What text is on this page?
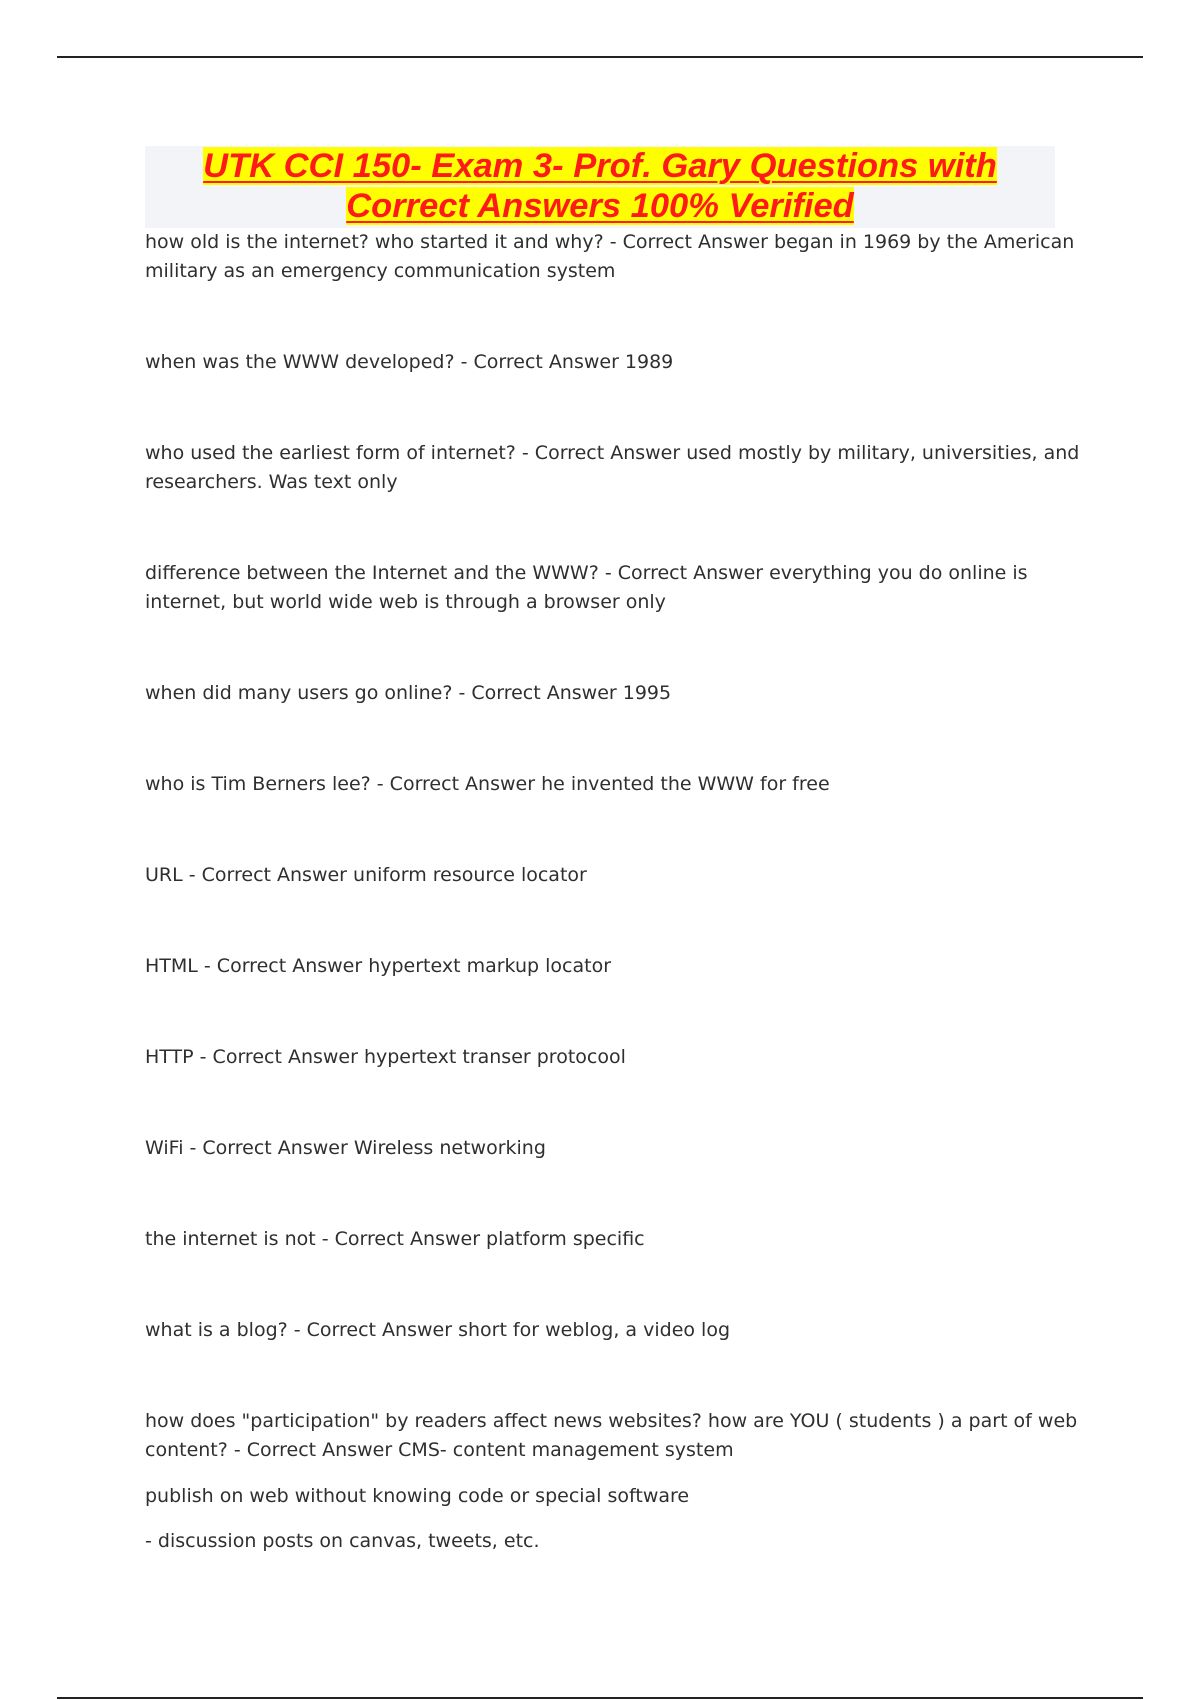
UTK CCI 150- Exam 3- Prof. Gary Questions with
Correct Answers 100% Verified
how old is the internet? who started it and why? - Correct Answer began in 1969 by the American
military as an emergency communication system
when was the WWW developed? - Correct Answer 1989
who used the earliest form of internet? - Correct Answer used mostly by military, universities, and
researchers. Was text only
difference between the Internet and the WWW? - Correct Answer everything you do online is
internet, but world wide web is through a browser only
when did many users go online? - Correct Answer 1995
who is Tim Berners lee? - Correct Answer he invented the WWW for free
URL - Correct Answer uniform resource locator
HTML - Correct Answer hypertext markup locator
HTTP - Correct Answer hypertext transer protocool
WiFi - Correct Answer Wireless networking
the internet is not - Correct Answer platform specific
what is a blog? - Correct Answer short for weblog, a video log
how does "participation" by readers affect news websites? how are YOU ( students ) a part of web
content? - Correct Answer CMS- content management system
publish on web without knowing code or special software
- discussion posts on canvas, tweets, etc.
